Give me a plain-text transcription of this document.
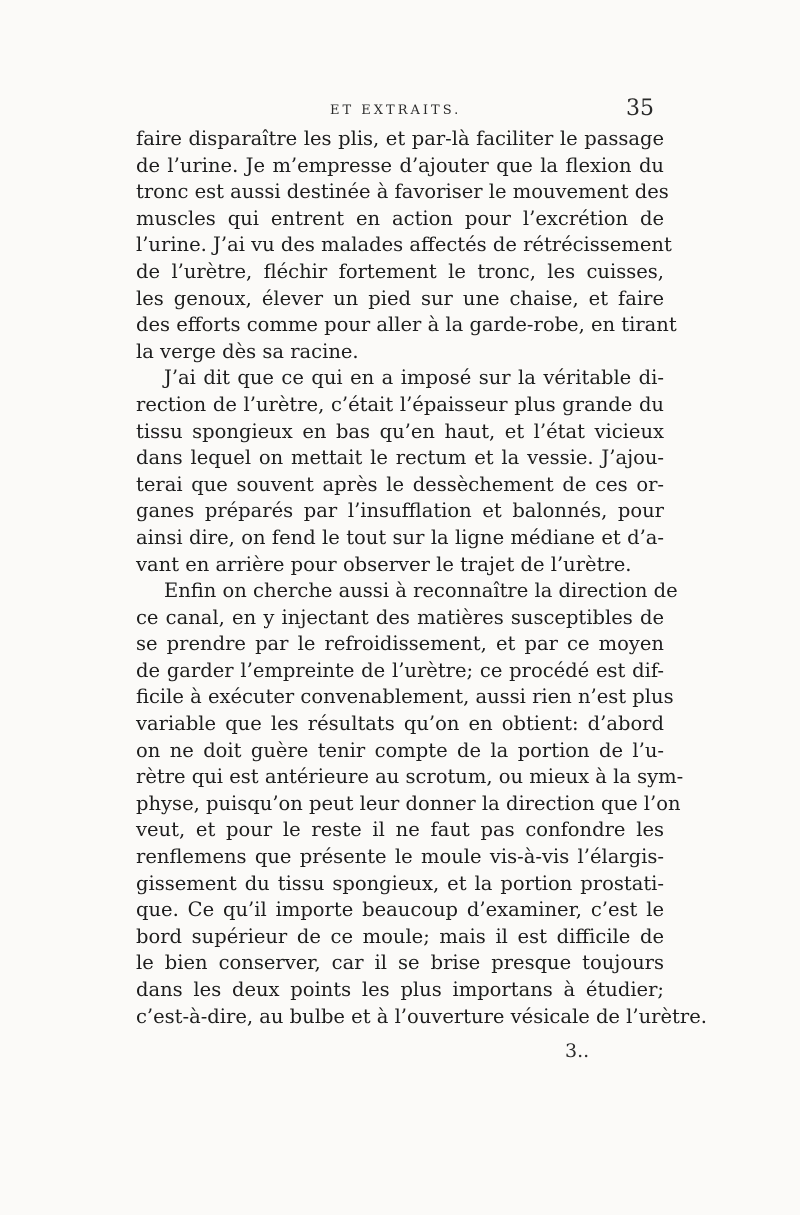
ET EXTRAITS.	35
faire disparaître les plis, et par-là faciliter le passage
de l’urine. Je m’empresse d’ajouter que la flexion du
tronc est aussi destinée à favoriser le mouvement des
muscles qui entrent en action pour l’excrétion de
l’urine. J’ai vu des malades affectés de rétrécissement
de l’urètre, fléchir fortement le tronc, les cuisses,
les genoux, élever un pied sur une chaise, et faire
des efforts comme pour aller à la garde-robe, en tirant
la verge dès sa racine.
J’ai dit que ce qui en a imposé sur la véritable di-
rection de l’urètre, c’était l’épaisseur plus grande du
tissu spongieux en bas qu’en haut, et l’état vicieux
dans lequel on mettait le rectum et la vessie. J’ajou-
terai que souvent après le dessèchement de ces or-
ganes préparés par l’insufflation et balonnés, pour
ainsi dire, on fend le tout sur la ligne médiane et d’a-
vant en arrière pour observer le trajet de l’urètre.
Enfin on cherche aussi à reconnaître la direction de
ce canal, en y injectant des matières susceptibles de
se prendre par le refroidissement, et par ce moyen
de garder l’empreinte de l’urètre; ce procédé est dif-
ficile à exécuter convenablement, aussi rien n’est plus
variable que les résultats qu’on en obtient: d’abord
on ne doit guère tenir compte de la portion de l’u-
rètre qui est antérieure au scrotum, ou mieux à la sym-
physe, puisqu’on peut leur donner la direction que l’on
veut, et pour le reste il ne faut pas confondre les
renflemens que présente le moule vis-à-vis l’élargis-
gissement du tissu spongieux, et la portion prostati-
que. Ce qu’il importe beaucoup d’examiner, c’est le
bord supérieur de ce moule; mais il est difficile de
le bien conserver, car il se brise presque toujours
dans les deux points les plus importans à étudier;
c’est-à-dire, au bulbe et à l’ouverture vésicale de l’urètre.
3..
